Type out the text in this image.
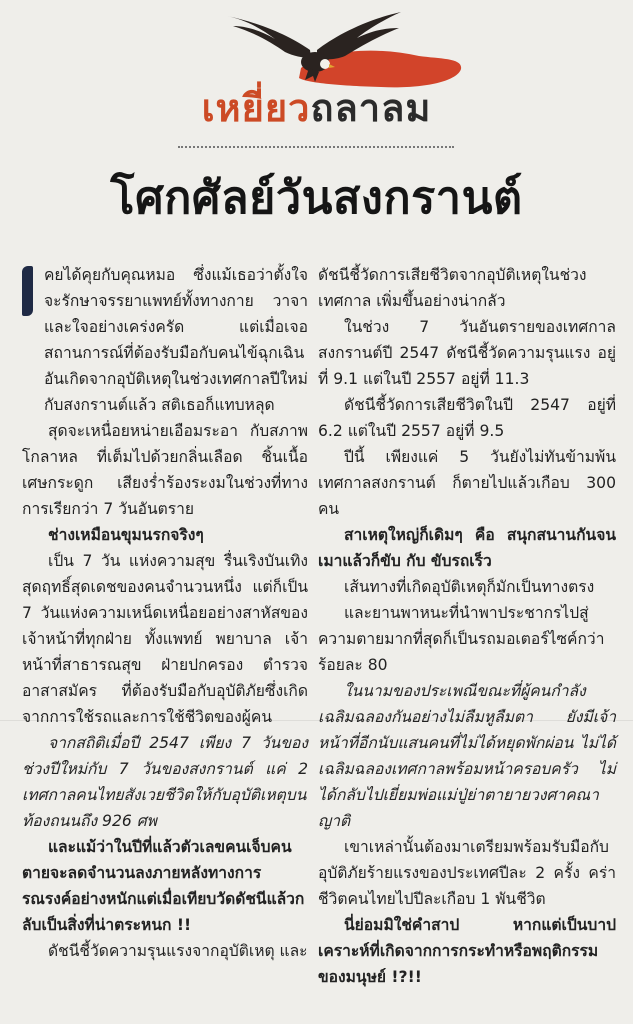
เหยี่ยวถลาลม
โศกศัลย์วันสงกรานต์

คยได้คุยกับคุณหมอ ซึ่งแม้เธอว่าตั้งใจจะรักษาจรรยาแพทย์ทั้งทางกาย วาจา และใจอย่างเคร่งครัด แต่เมื่อเจอสถานการณ์ที่ต้องรับมือกับคนไข้ฉุกเฉินอันเกิดจากอุบัติเหตุในช่วงเทศกาลปีใหม่กับสงกรานต์แล้ว สติเธอก็แทบหลุด

สุดจะเหนื่อยหน่ายเอือมระอา กับสภาพโกลาหล ที่เต็มไปด้วยกลิ่นเลือด ชิ้นเนื้อ เศษกระดูก เสียงร่ำร้องระงมในช่วงที่ทางการเรียกว่า 7 วันอันตราย

ช่างเหมือนขุมนรกจริงๆ

เป็น 7 วัน แห่งความสุข รื่นเริงบันเทิงสุดฤทธิ์สุดเดชของคนจำนวนหนึ่ง แต่ก็เป็น 7 วันแห่งความเหน็ดเหนื่อยอย่างสาหัสของเจ้าหน้าที่ทุกฝ่าย ทั้งแพทย์ พยาบาล เจ้าหน้าที่สาธารณสุข ฝ่ายปกครอง ตำรวจ อาสาสมัคร ที่ต้องรับมือกับอุบัติภัยซึ่งเกิดจากการใช้รถและการใช้ชีวิตของผู้คน

จากสถิติเมื่อปี 2547 เพียง 7 วันของช่วงปีใหม่กับ 7 วันของสงกรานต์ แค่ 2 เทศกาลคนไทยสังเวยชีวิตให้กับอุบัติเหตุบนท้องถนนถึง 926 ศพ

และแม้ว่าในปีที่แล้วตัวเลขคนเจ็บคนตายจะลดจำนวนลงภายหลังทางการรณรงค์อย่างหนักแต่เมื่อเทียบวัดดัชนีแล้วกลับเป็นสิ่งที่น่าตระหนก !!

ดัชนีชี้วัดความรุนแรงจากอุบัติเหตุ และ

ดัชนีชี้วัดการเสียชีวิตจากอุบัติเหตุในช่วงเทศกาล เพิ่มขึ้นอย่างน่ากลัว

ในช่วง 7 วันอันตรายของเทศกาลสงกรานต์ปี 2547 ดัชนีชี้วัดความรุนแรง อยู่ที่ 9.1 แต่ในปี 2557 อยู่ที่ 11.3

ดัชนีชี้วัดการเสียชีวิตในปี 2547 อยู่ที่ 6.2 แต่ในปี 2557 อยู่ที่ 9.5

ปีนี้ เพียงแค่ 5 วันยังไม่ทันข้ามพ้นเทศกาลสงกรานต์ ก็ตายไปแล้วเกือบ 300 คน

สาเหตุใหญ่ก็เดิมๆ คือ สนุกสนานกันจนเมาแล้วก็ขับ กับ ขับรถเร็ว

เส้นทางที่เกิดอุบัติเหตุก็มักเป็นทางตรง

และยานพาหนะที่นำพาประชากรไปสู่ความตายมากที่สุดก็เป็นรถมอเตอร์ไซค์กว่าร้อยละ 80

ในนามของประเพณีขณะที่ผู้คนกำลังเฉลิมฉลองกันอย่างไม่ลืมหูลืมตา ยังมีเจ้าหน้าที่อีกนับแสนคนที่ไม่ได้หยุดพักผ่อน ไม่ได้เฉลิมฉลองเทศกาลพร้อมหน้าครอบครัว ไม่ได้กลับไปเยี่ยมพ่อแม่ปู่ย่าตายายวงศาคณาญาติ

เขาเหล่านั้นต้องมาเตรียมพร้อมรับมือกับอุบัติภัยร้ายแรงของประเทศปีละ 2 ครั้ง คร่าชีวิตคนไทยไปปีละเกือบ 1 พันชีวิต

นี่ย่อมมิใช่คำสาป หากแต่เป็นบาปเคราะห์ที่เกิดจากการกระทำหรือพฤติกรรมของมนุษย์ !?!!
